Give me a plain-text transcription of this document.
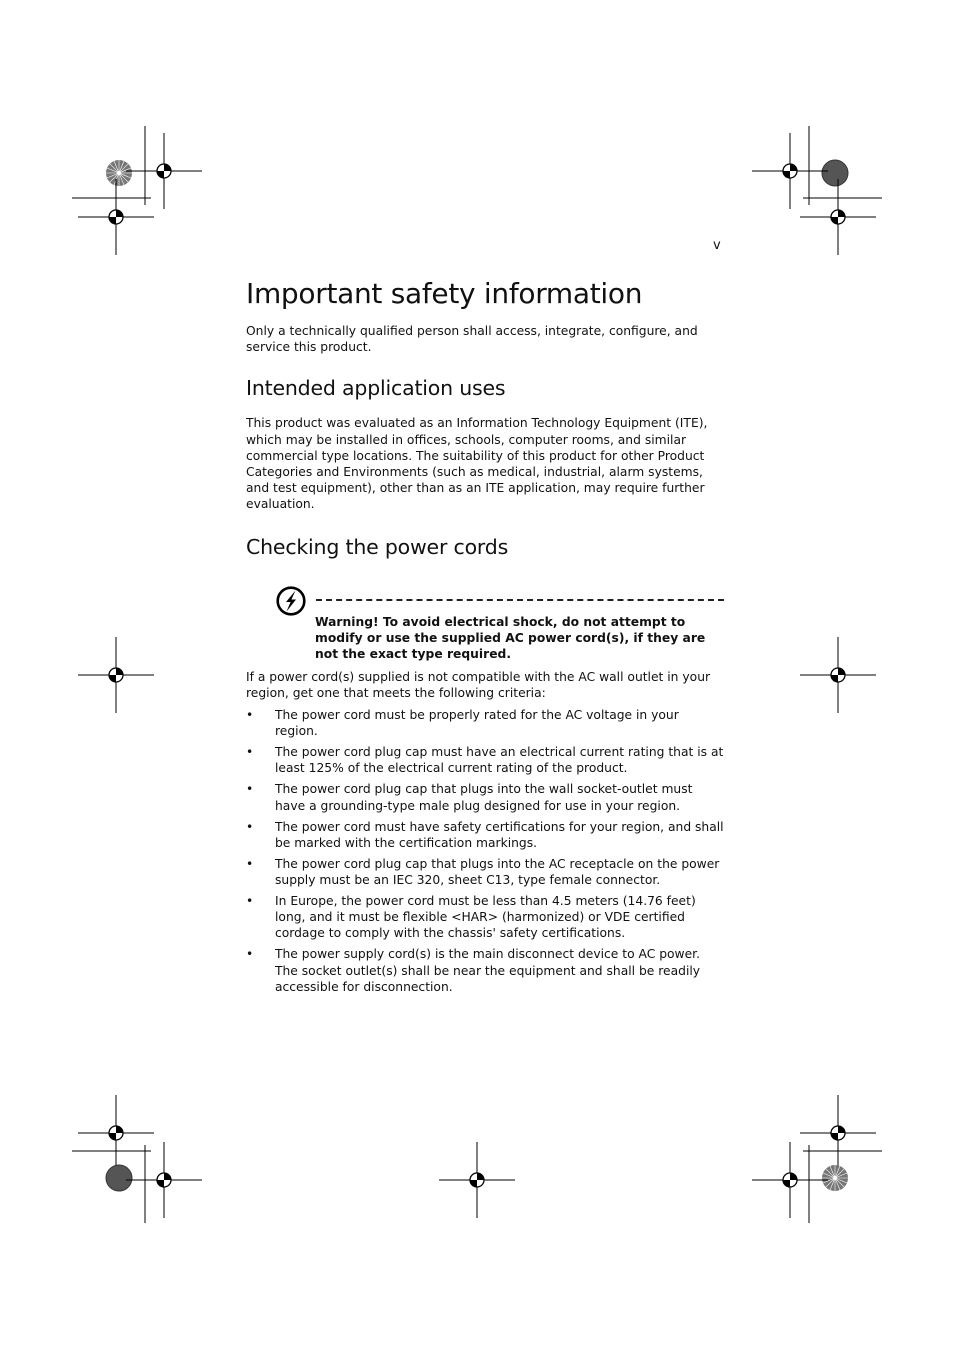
v
Important safety information

Only a technically qualified person shall access, integrate, configure, and service this product.

Intended application uses

This product was evaluated as an Information Technology Equipment (ITE), which may be installed in offices, schools, computer rooms, and similar commercial type locations. The suitability of this product for other Product Categories and Environments (such as medical, industrial, alarm systems, and test equipment), other than as an ITE application, may require further evaluation.

Checking the power cords
Warning! To avoid electrical shock, do not attempt to modify or use the supplied AC power cord(s), if they are not the exact type required.

If a power cord(s) supplied is not compatible with the AC wall outlet in your region, get one that meets the following criteria:

• The power cord must be properly rated for the AC voltage in your region.
• The power cord plug cap must have an electrical current rating that is at least 125% of the electrical current rating of the product.
• The power cord plug cap that plugs into the wall socket-outlet must have a grounding-type male plug designed for use in your region.
• The power cord must have safety certifications for your region, and shall be marked with the certification markings.
• The power cord plug cap that plugs into the AC receptacle on the power supply must be an IEC 320, sheet C13, type female connector.
• In Europe, the power cord must be less than 4.5 meters (14.76 feet) long, and it must be flexible <HAR> (harmonized) or VDE certified cordage to comply with the chassis' safety certifications.
• The power supply cord(s) is the main disconnect device to AC power. The socket outlet(s) shall be near the equipment and shall be readily accessible for disconnection.
